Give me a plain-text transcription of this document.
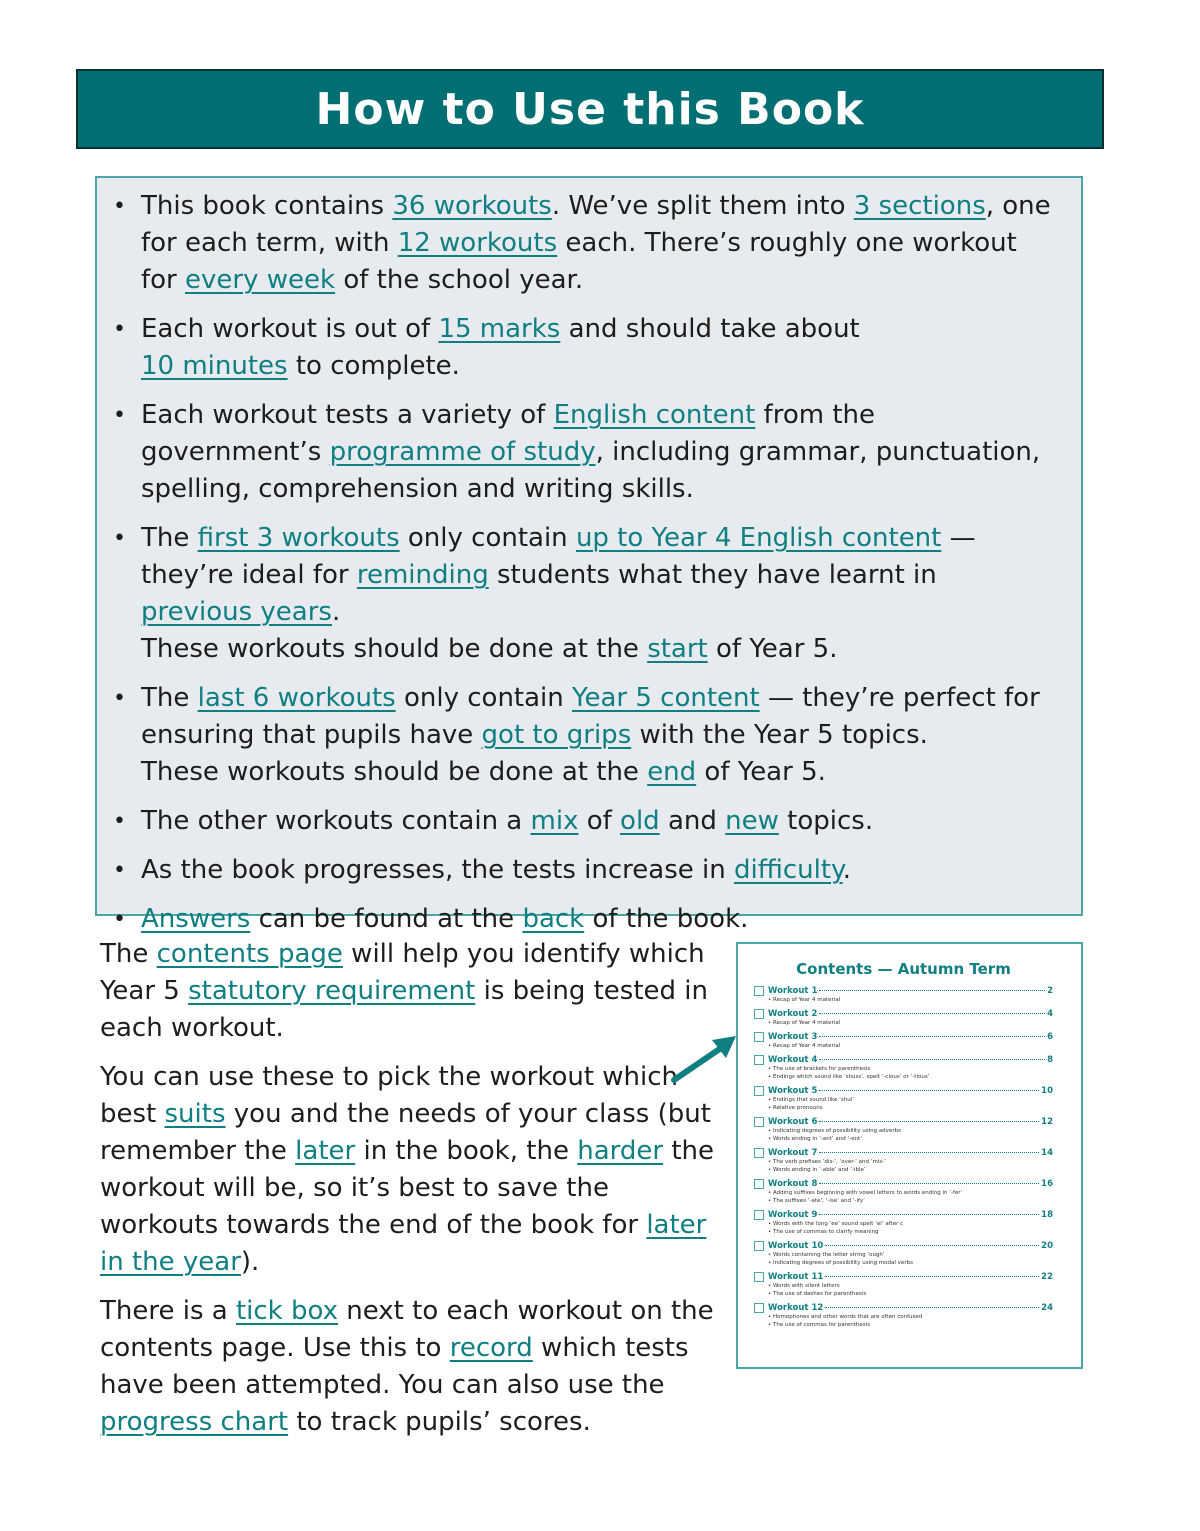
How to Use this Book
• This book contains 36 workouts. We’ve split them into 3 sections, one for each term, with 12 workouts each. There’s roughly one workout for every week of the school year.
• Each workout is out of 15 marks and should take about
10 minutes to complete.
• Each workout tests a variety of English content from the government’s programme of study, including grammar, punctuation, spelling, comprehension and writing skills.
• The first 3 workouts only contain up to Year 4 English content — they’re ideal for reminding students what they have learnt in previous years.
These workouts should be done at the start of Year 5.
• The last 6 workouts only contain Year 5 content — they’re perfect for ensuring that pupils have got to grips with the Year 5 topics.
These workouts should be done at the end of Year 5.
• The other workouts contain a mix of old and new topics.
• As the book progresses, the tests increase in difficulty.
• Answers can be found at the back of the book.

The contents page will help you identify which Year 5 statutory requirement is being tested in each workout.

You can use these to pick the workout which best suits you and the needs of your class (but remember the later in the book, the harder the workout will be, so it’s best to save the workouts towards the end of the book for later in the year).

There is a tick box next to each workout on the contents page. Use this to record which tests have been attempted. You can also use the progress chart to track pupils’ scores.

Contents — Autumn Term
Workout 1	2
• Recap of Year 4 material
Workout 2	4
• Recap of Year 4 material
Workout 3	6
• Recap of Year 4 material
Workout 4	8
• The use of brackets for parenthesis
• Endings which sound like ‘shuss’, spelt ‘-cious’ or ‘-tious’
Workout 5	10
• Endings that sound like ‘shul’
• Relative pronouns
Workout 6	12
• Indicating degrees of possibility using adverbs
• Words ending in ‘-ant’ and ‘-ent’
Workout 7	14
• The verb prefixes ‘dis-’, ‘over-’ and ‘mis-’
• Words ending in ‘-able’ and ‘-ible’
Workout 8	16
• Adding suffixes beginning with vowel letters to words ending in ‘-fer’
• The suffixes ‘-ate’, ‘-ise’ and ‘-ify’
Workout 9	18
• Words with the long ‘ee’ sound spelt ‘ei’ after c
• The use of commas to clarify meaning
Workout 10	20
• Words containing the letter string ‘ough’
• Indicating degrees of possibility using modal verbs
Workout 11	22
• Words with silent letters
• The use of dashes for parenthesis
Workout 12	24
• Homophones and other words that are often confused
• The use of commas for parenthesis
